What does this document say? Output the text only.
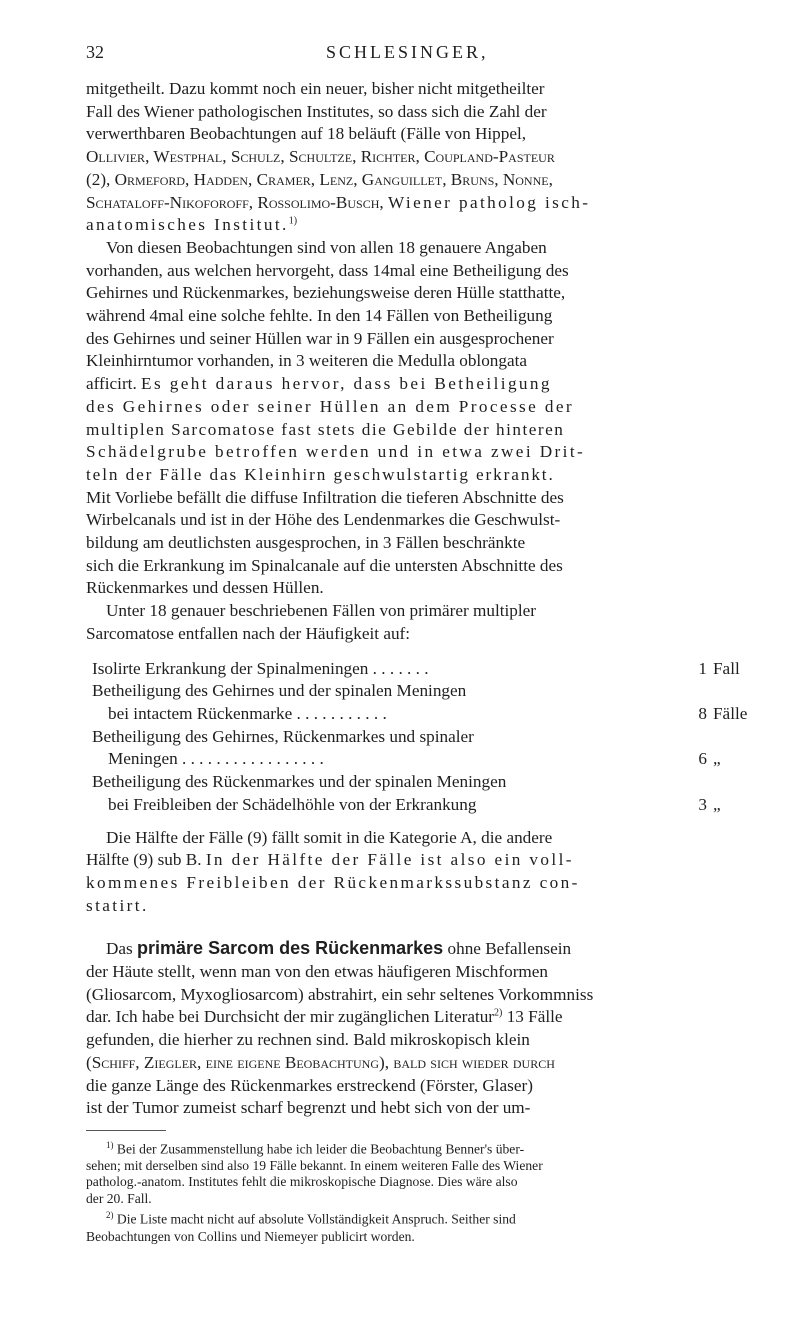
32	SCHLESINGER,

mitgetheilt. Dazu kommt noch ein neuer, bisher nicht mitgetheilter

Fall des Wiener pathologischen Institutes, so dass sich die Zahl der

verwerthbaren Beobachtungen auf 18 beläuft (Fälle von Hippel,

Ollivier, Westphal, Schulz, Schultze, Richter, Coupland-Pasteur

(2), Ormeford, Hadden, Cramer, Lenz, Ganguillet, Bruns, Nonne,

Schataloff-Nikoforoff, Rossolimo-Busch, Wiener patholog isch-

anatomisches Institut.$^{1)}$

Von diesen Beobachtungen sind von allen 18 genauere Angaben

vorhanden, aus welchen hervorgeht, dass 14mal eine Betheiligung des

Gehirnes und Rückenmarkes, beziehungsweise deren Hülle statthatte,

während 4mal eine solche fehlte. In den 14 Fällen von Betheiligung

des Gehirnes und seiner Hüllen war in 9 Fällen ein ausgesprochener

Kleinhirntumor vorhanden, in 3 weiteren die Medulla oblongata

afficirt. Es geht daraus hervor, dass bei Betheiligung

des Gehirnes oder seiner Hüllen an dem Processe der

multiplen Sarcomatose fast stets die Gebilde der hinteren

Schädelgrube betroffen werden und in etwa zwei Drit-

teln der Fälle das Kleinhirn geschwulstartig erkrankt.

Mit Vorliebe befällt die diffuse Infiltration die tieferen Abschnitte des

Wirbelcanals und ist in der Höhe des Lendenmarkes die Geschwulst-

bildung am deutlichsten ausgesprochen, in 3 Fällen beschränkte

sich die Erkrankung im Spinalcanale auf die untersten Abschnitte des

Rückenmarkes und dessen Hüllen.

Unter 18 genauer beschriebenen Fällen von primärer multipler

Sarcomatose entfallen nach der Häufigkeit auf:

Isolirte Erkrankung der Spinalmeningen . . . . . . .	1 Fall
Betheiligung des Gehirnes und der spinalen Meningen
bei intactem Rückenmarke . . . . . . . . . . .	8 Fälle
Betheiligung des Gehirnes, Rückenmarkes und spinaler
Meningen . . . . . . . . . . . . . . . . .	6 „
Betheiligung des Rückenmarkes und der spinalen Meningen
bei Freibleiben der Schädelhöhle von der Erkrankung	3 „

Die Hälfte der Fälle (9) fällt somit in die Kategorie A, die andere

Hälfte (9) sub B. In der Hälfte der Fälle ist also ein voll-

kommenes Freibleiben der Rückenmarkssubstanz con-

statirt.

Das primäre Sarcom des Rückenmarkes ohne Befallensein

der Häute stellt, wenn man von den etwas häufigeren Mischformen

(Gliosarcom, Myxogliosarcom) abstrahirt, ein sehr seltenes Vorkommniss

dar. Ich habe bei Durchsicht der mir zugänglichen Literatur$^{2)}$ 13 Fälle

gefunden, die hierher zu rechnen sind. Bald mikroskopisch klein

(Schiff, Ziegler, eine eigene Beobachtung), bald sich wieder durch

die ganze Länge des Rückenmarkes erstreckend (Förster, Glaser)

ist der Tumor zumeist scharf begrenzt und hebt sich von der um-

$^{1)}$ Bei der Zusammenstellung habe ich leider die Beobachtung Benner's über-

sehen; mit derselben sind also 19 Fälle bekannt. In einem weiteren Falle des Wiener

patholog.-anatom. Institutes fehlt die mikroskopische Diagnose. Dies wäre also

der 20. Fall.

$^{2)}$ Die Liste macht nicht auf absolute Vollständigkeit Anspruch. Seither sind

Beobachtungen von Collins und Niemeyer publicirt worden.
